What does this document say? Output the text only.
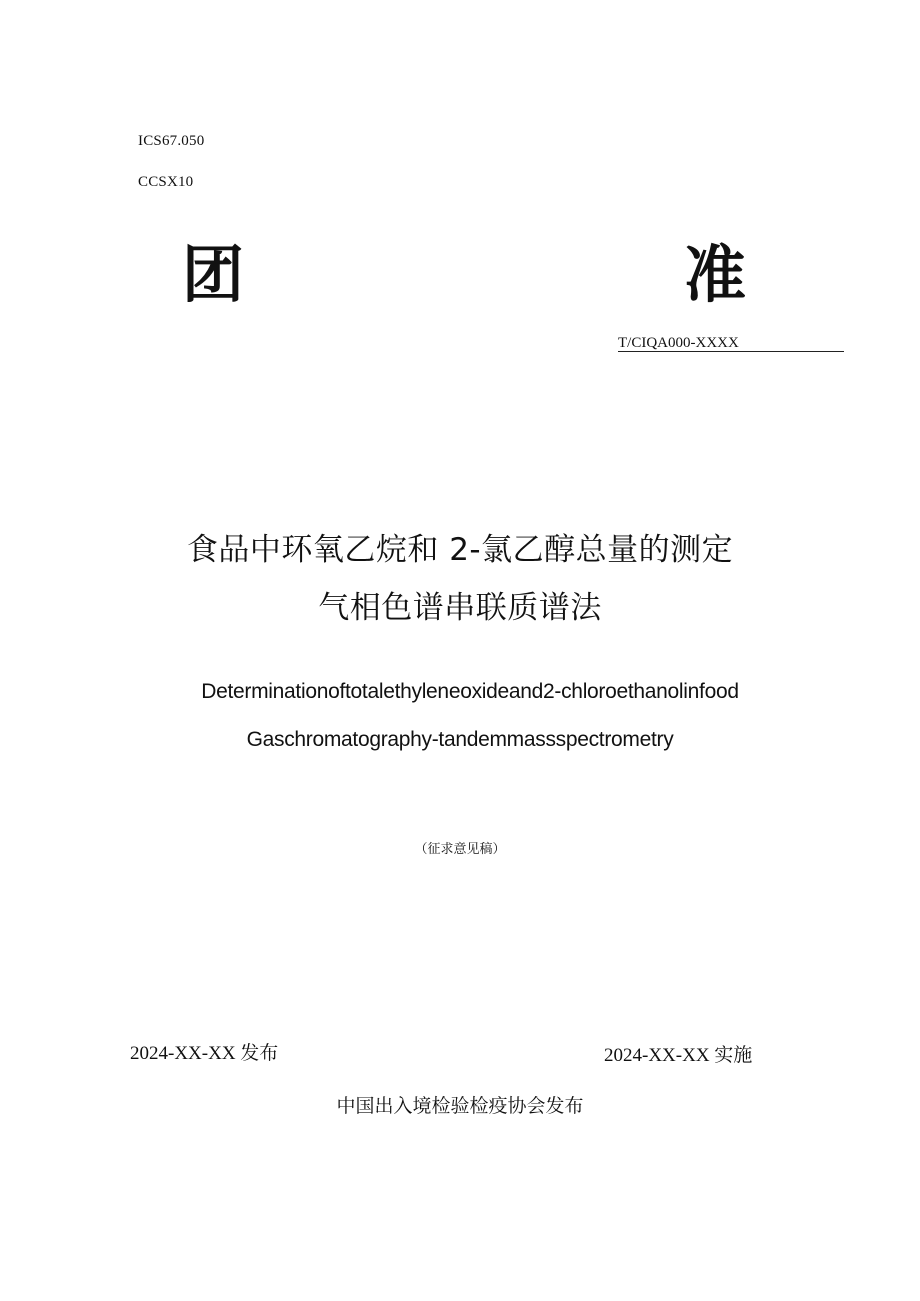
ICS67.050
CCSX10
团	准
T/CIQA000-XXXX
食品中环氧乙烷和 2-氯乙醇总量的测定
气相色谱串联质谱法
Determinationoftotalethyleneoxideand2-chloroethanolinfood
Gaschromatography-tandemmassspectrometry
（征求意见稿）
2024-XX-XX 发布	2024-XX-XX 实施
中国出入境检验检疫协会发布
